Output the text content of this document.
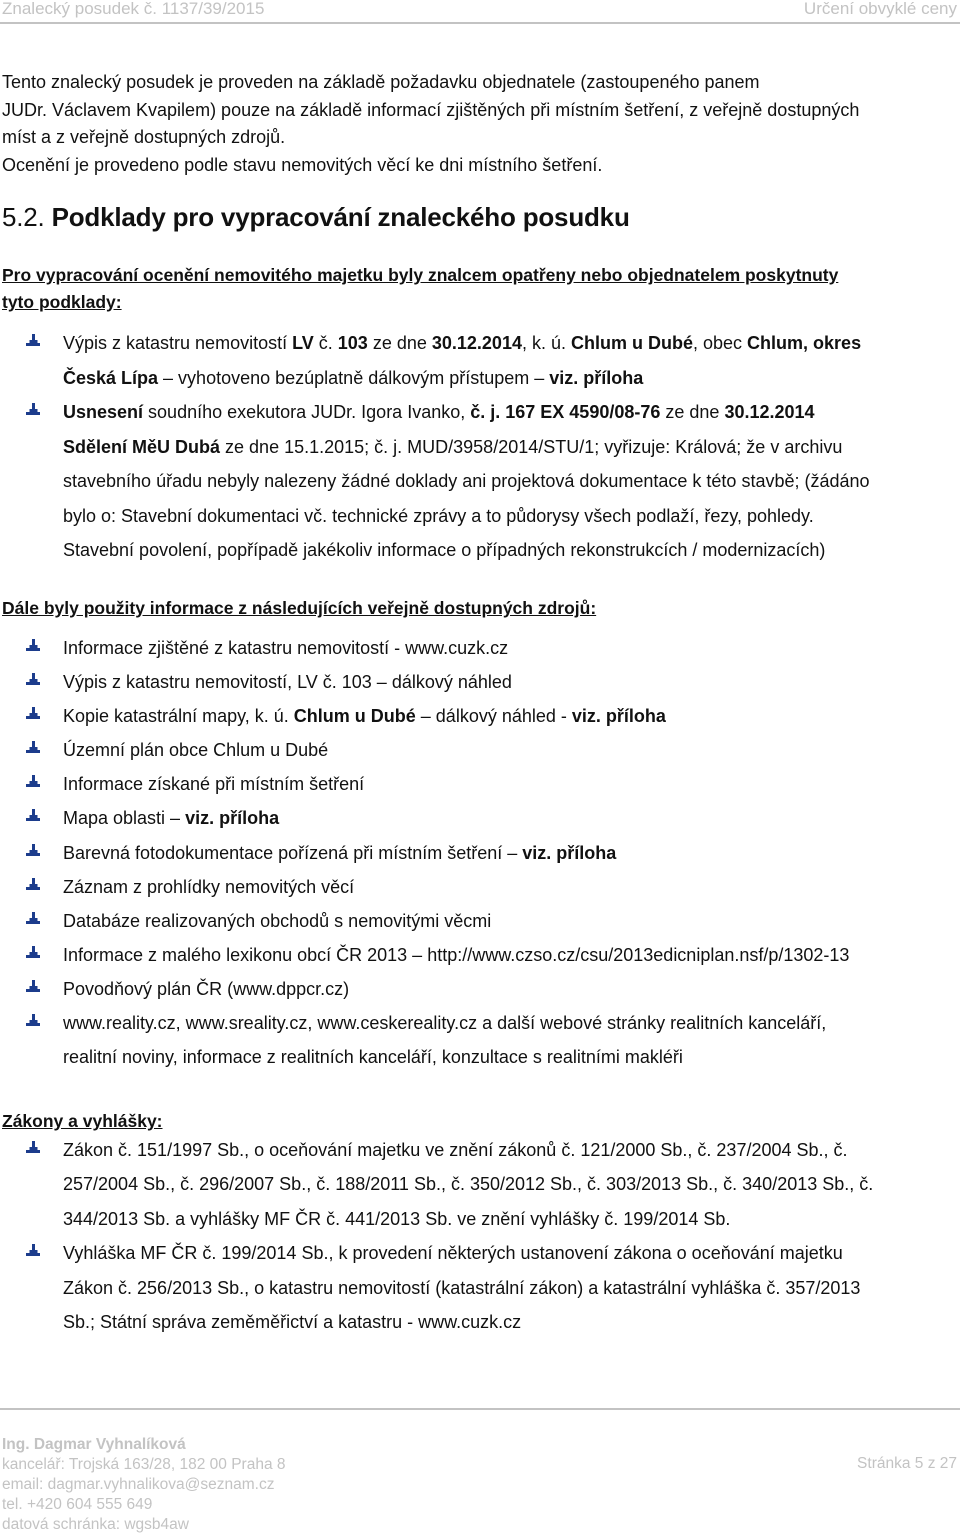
Znalecký posudek č. 1137/39/2015	Určení obvyklé ceny

Tento znalecký posudek je proveden na základě požadavku objednatele (zastoupeného panem

JUDr. Václavem Kvapilem) pouze na základě informací zjištěných při místním šetření, z veřejně dostupných

míst a z veřejně dostupných zdrojů.

Ocenění je provedeno podle stavu nemovitých věcí ke dni místního šetření.

5.2. Podklady pro vypracování znaleckého posudku
Pro vypracování ocenění nemovitého majetku byly znalcem opatřeny nebo objednatelem poskytnuty
tyto podklady:
Výpis z katastru nemovitostí LV č. 103 ze dne 30.12.2014, k. ú. Chlum u Dubé, obec Chlum, okres
Česká Lípa – vyhotoveno bezúplatně dálkovým přístupem – viz. příloha
Usnesení soudního exekutora JUDr. Igora Ivanko, č. j. 167 EX 4590/08-76 ze dne 30.12.2014
Sdělení MěU Dubá ze dne 15.1.2015; č. j. MUD/3958/2014/STU/1; vyřizuje: Králová; že v archivu
stavebního úřadu nebyly nalezeny žádné doklady ani projektová dokumentace k této stavbě; (žádáno
bylo o: Stavební dokumentaci vč. technické zprávy a to půdorysy všech podlaží, řezy, pohledy.
Stavební povolení, popřípadě jakékoliv informace o případných rekonstrukcích / modernizacích)
Dále byly použity informace z následujících veřejně dostupných zdrojů:
Informace zjištěné z katastru nemovitostí - www.cuzk.cz
Výpis z katastru nemovitostí, LV č. 103 – dálkový náhled
Kopie katastrální mapy, k. ú. Chlum u Dubé – dálkový náhled - viz. příloha
Územní plán obce Chlum u Dubé
Informace získané při místním šetření
Mapa oblasti – viz. příloha
Barevná fotodokumentace pořízená při místním šetření – viz. příloha
Záznam z prohlídky nemovitých věcí
Databáze realizovaných obchodů s nemovitými věcmi
Informace z malého lexikonu obcí ČR 2013 – http://www.czso.cz/csu/2013edicniplan.nsf/p/1302-13
Povodňový plán ČR (www.dppcr.cz)
www.reality.cz, www.sreality.cz, www.ceskereality.cz a další webové stránky realitních kanceláří,
realitní noviny, informace z realitních kanceláří, konzultace s realitními makléři
Zákony a vyhlášky:
Zákon č. 151/1997 Sb., o oceňování majetku ve znění zákonů č. 121/2000 Sb., č. 237/2004 Sb., č.
257/2004 Sb., č. 296/2007 Sb., č. 188/2011 Sb., č. 350/2012 Sb., č. 303/2013 Sb., č. 340/2013 Sb., č.
344/2013 Sb. a vyhlášky MF ČR č. 441/2013 Sb. ve znění vyhlášky č. 199/2014 Sb.
Vyhláška MF ČR č. 199/2014 Sb., k provedení některých ustanovení zákona o oceňování majetku
Zákon č. 256/2013 Sb., o katastru nemovitostí (katastrální zákon) a katastrální vyhláška č. 357/2013
Sb.; Státní správa zeměměřictví a katastru - www.cuzk.cz
Ing. Dagmar Vyhnalíková
kancelář: Trojská 163/28, 182 00 Praha 8
email: dagmar.vyhnalikova@seznam.cz
tel. +420 604 555 649
datová schránka: wgsb4aw
Stránka 5 z 27
